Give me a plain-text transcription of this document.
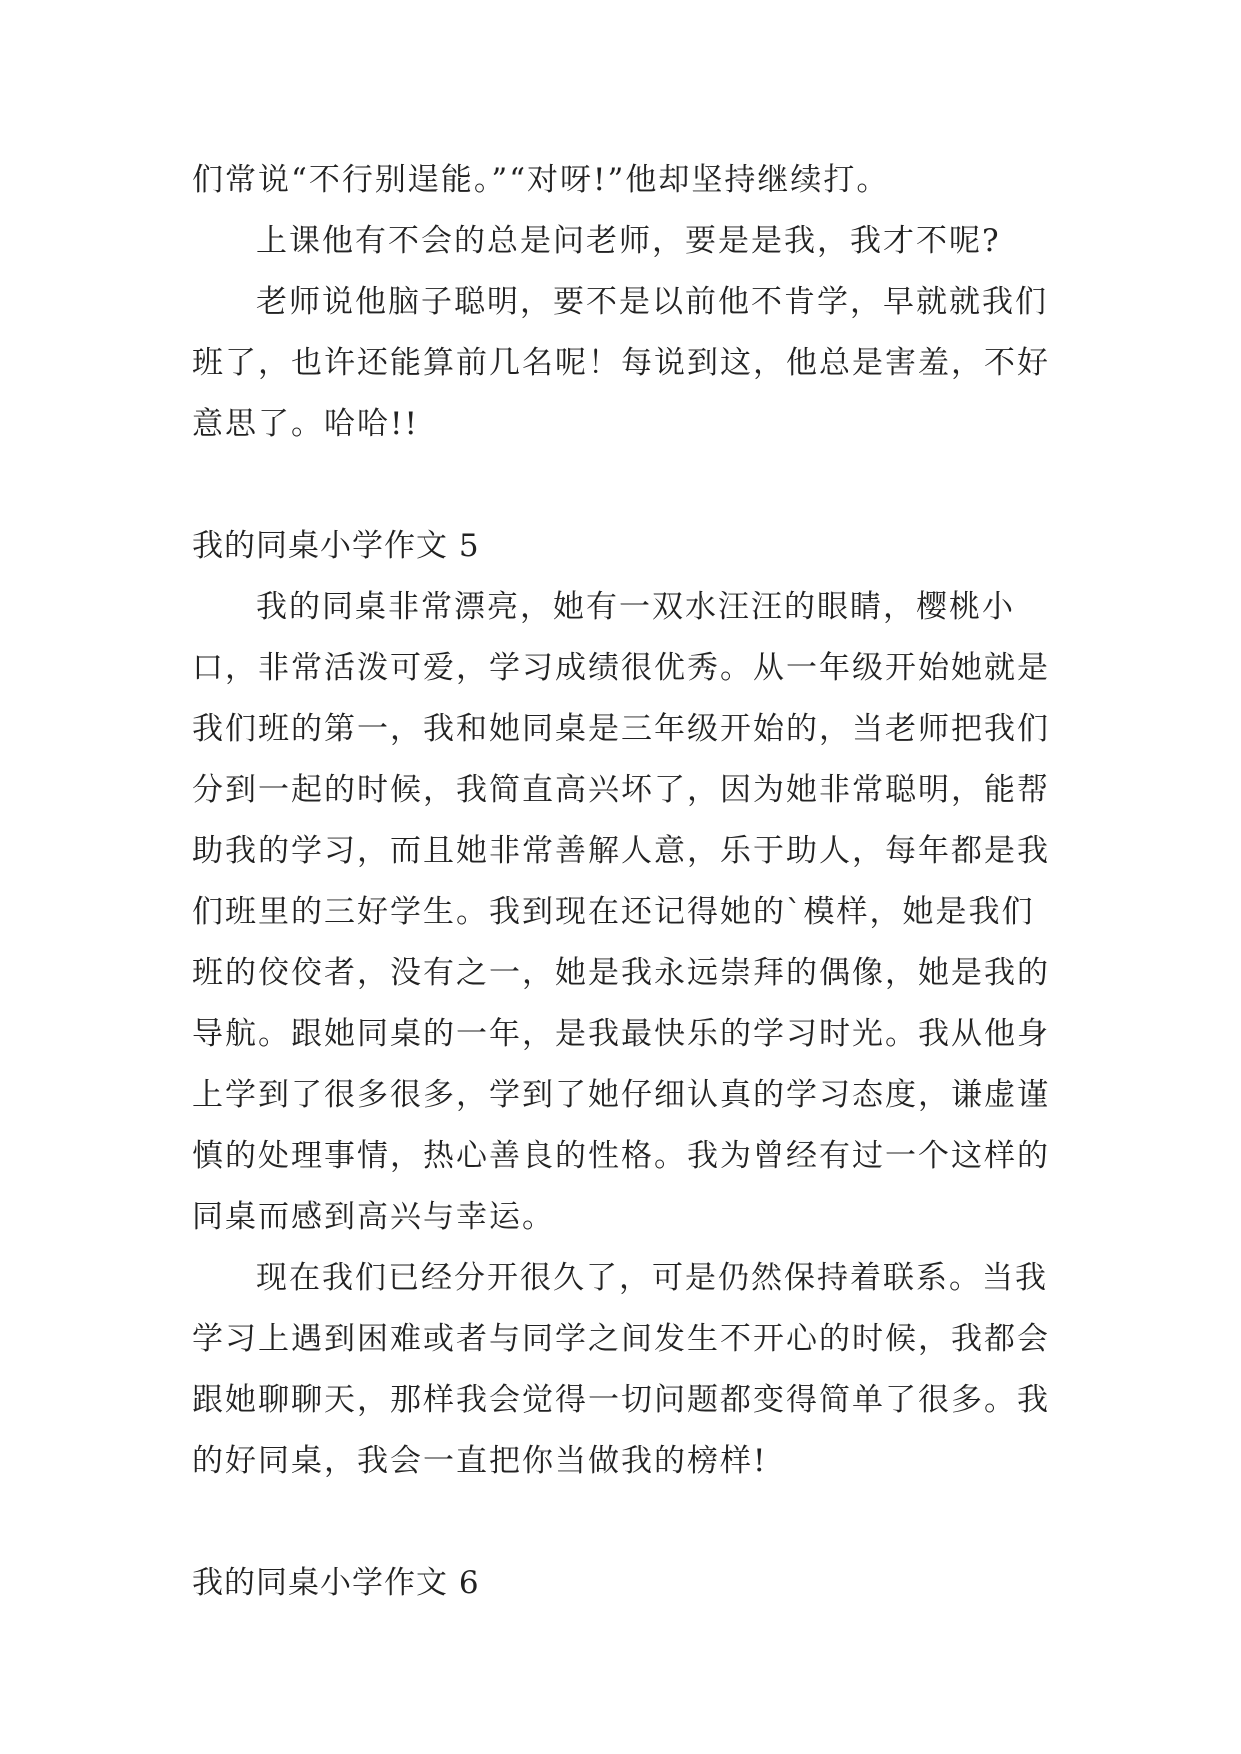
们常说“不行别逞能。”“对呀!”他却坚持继续打。

上课他有不会的总是问老师，要是是我，我才不呢?

老师说他脑子聪明，要不是以前他不肯学，早就就我们班了，也许还能算前几名呢！每说到这，他总是害羞，不好意思了。哈哈!!

我的同桌小学作文 5

我的同桌非常漂亮，她有一双水汪汪的眼睛，樱桃小口，非常活泼可爱，学习成绩很优秀。从一年级开始她就是我们班的第一，我和她同桌是三年级开始的，当老师把我们分到一起的时候，我简直高兴坏了，因为她非常聪明，能帮助我的学习，而且她非常善解人意，乐于助人，每年都是我们班里的三好学生。我到现在还记得她的`模样，她是我们班的佼佼者，没有之一，她是我永远崇拜的偶像，她是我的导航。跟她同桌的一年，是我最快乐的学习时光。我从他身上学到了很多很多，学到了她仔细认真的学习态度，谦虚谨慎的处理事情，热心善良的性格。我为曾经有过一个这样的同桌而感到高兴与幸运。

现在我们已经分开很久了，可是仍然保持着联系。当我学习上遇到困难或者与同学之间发生不开心的时候，我都会跟她聊聊天，那样我会觉得一切问题都变得简单了很多。我的好同桌，我会一直把你当做我的榜样!

我的同桌小学作文 6
